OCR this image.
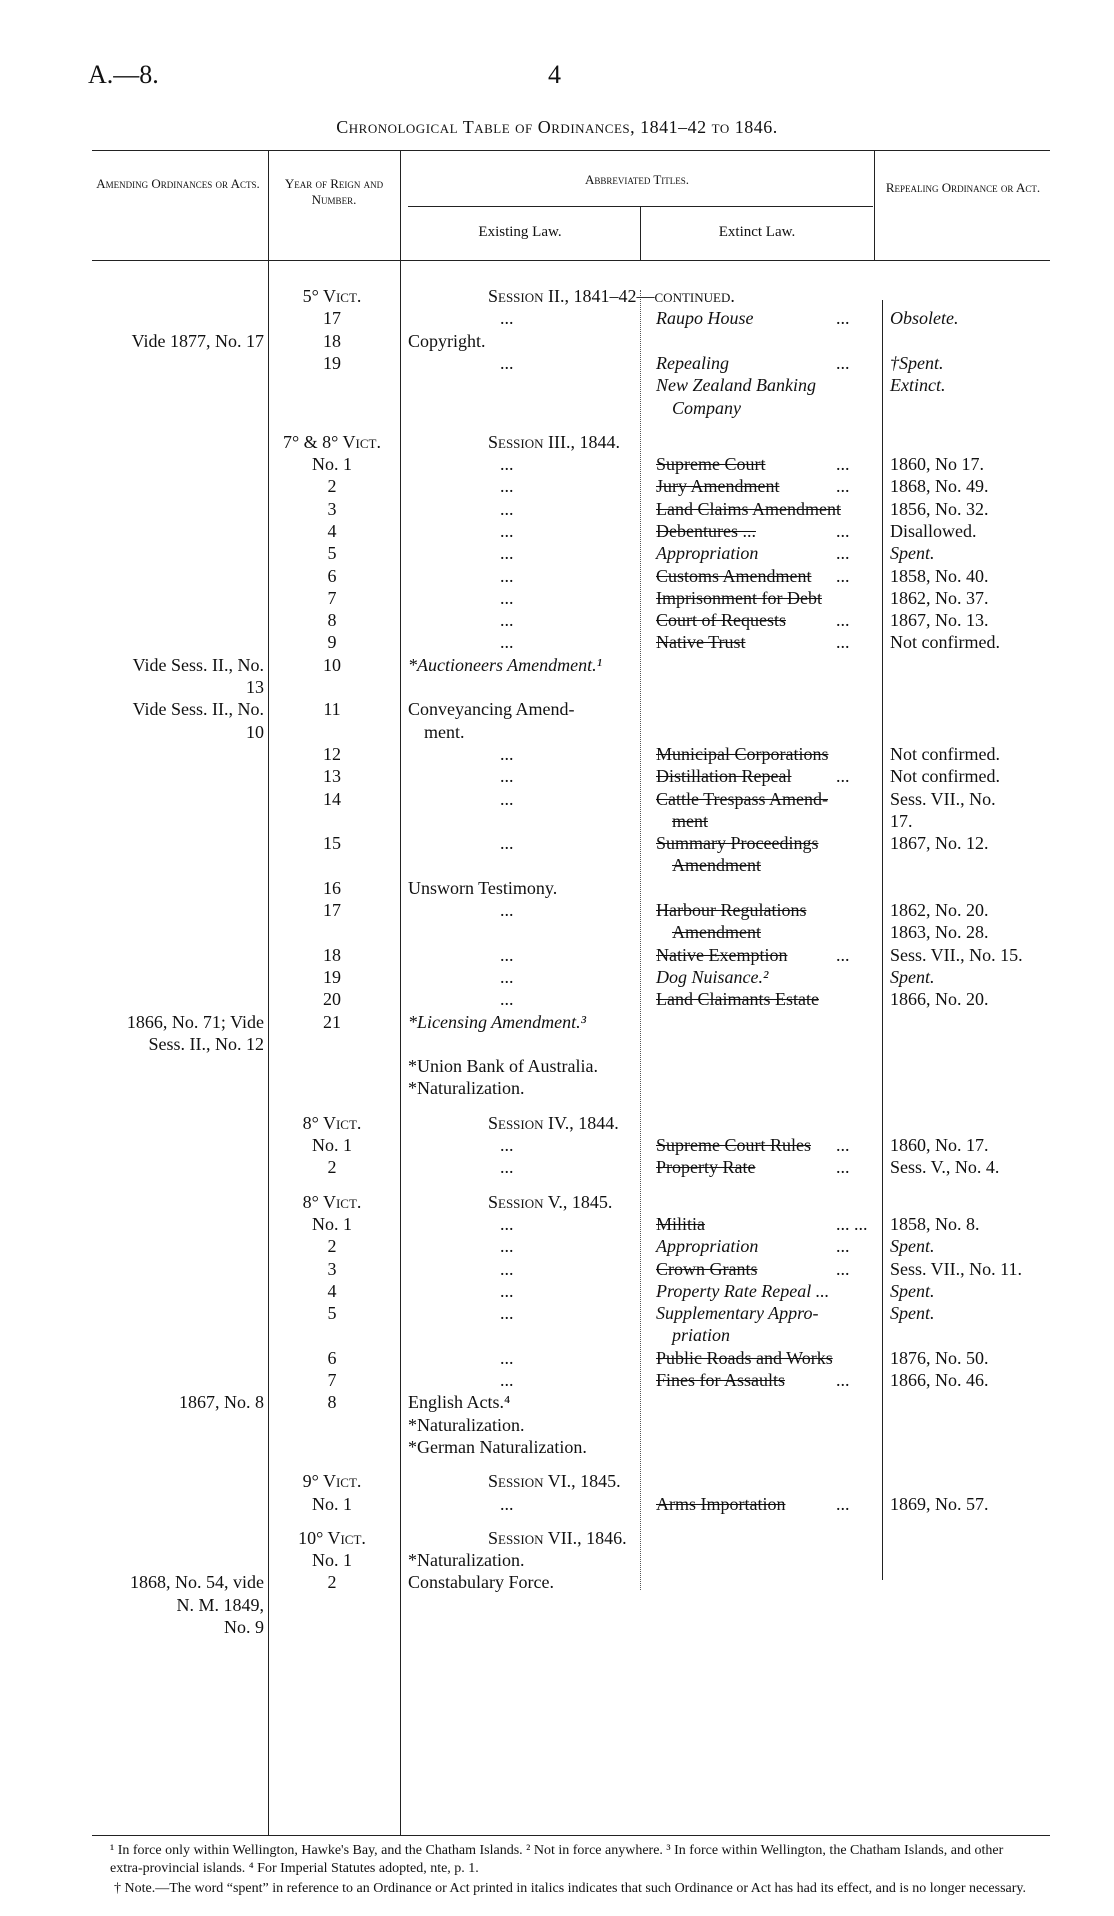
A.—8.	4
Chronological Table of Ordinances, 1841–42 to 1846.
Amending Ordinances or Acts.	Year of Reign and Number.
Abbreviated Titles.
Existing Law.	Extinct Law.
Repealing Ordinance or Act.
5° Vict.	Session II., 1841–42—continued.
17	...	Raupo House	...	Obsolete.
Vide 1877, No. 17	18	Copyright.
19	...	Repealing	...	†Spent.
New Zealand Banking	Extinct.
Company
7° & 8° Vict.	Session III., 1844.
No. 1	...	Supreme Court	...	1860, No 17.
2	...	Jury Amendment	...	1868, No. 49.
3	...	Land Claims Amendment	1856, No. 32.
4	...	Debentures ...	...	Disallowed.
5	...	Appropriation	...	Spent.
6	...	Customs Amendment	...	1858, No. 40.
7	...	Imprisonment for Debt	1862, No. 37.
8	...	Court of Requests	...	1867, No. 13.
9	...	Native Trust	...	Not confirmed.
Vide Sess. II., No.	10	*Auctioneers Amendment.¹
13
Vide Sess. II., No.	11	Conveyancing Amend-
10	ment.
12	...	Municipal Corporations	Not confirmed.
13	...	Distillation Repeal	...	Not confirmed.
14	...	Cattle Trespass Amend-	Sess. VII., No.
ment	17.
15	...	Summary Proceedings	1867, No. 12.
Amendment
16	Unsworn Testimony.
17	...	Harbour Regulations	1862, No. 20.
Amendment	1863, No. 28.
18	...	Native Exemption	...	Sess. VII., No. 15.
19	...	Dog Nuisance.²	Spent.
20	...	Land Claimants Estate	1866, No. 20.
1866, No. 71; Vide	21	*Licensing Amendment.³
Sess. II., No. 12
*Union Bank of Australia.
*Naturalization.
8° Vict.	Session IV., 1844.
No. 1	...	Supreme Court Rules	...	1860, No. 17.
2	...	Property Rate	...	Sess. V., No. 4.
8° Vict.	Session V., 1845.
No. 1	...	Militia	... ...	1858, No. 8.
2	...	Appropriation	...	Spent.
3	...	Crown Grants	...	Sess. VII., No. 11.
4	...	Property Rate Repeal ...	Spent.
5	...	Supplementary Appro-	Spent.
priation
6	...	Public Roads and Works	1876, No. 50.
7	...	Fines for Assaults	...	1866, No. 46.
1867, No. 8	8	English Acts.⁴
*Naturalization.
*German Naturalization.
9° Vict.	Session VI., 1845.
No. 1	...	Arms Importation	...	1869, No. 57.
10° Vict.	Session VII., 1846.
No. 1	*Naturalization.
1868, No. 54, vide	2	Constabulary Force.
N. M. 1849,
No. 9
¹ In force only within Wellington, Hawke's Bay, and the Chatham Islands. ² Not in force anywhere. ³ In force within Wellington, the Chatham Islands, and other extra-provincial islands. ⁴ For Imperial Statutes adopted, nte, p. 1.
† Note.—The word “spent” in reference to an Ordinance or Act printed in italics indicates that such Ordinance or Act has had its effect, and is no longer necessary.
